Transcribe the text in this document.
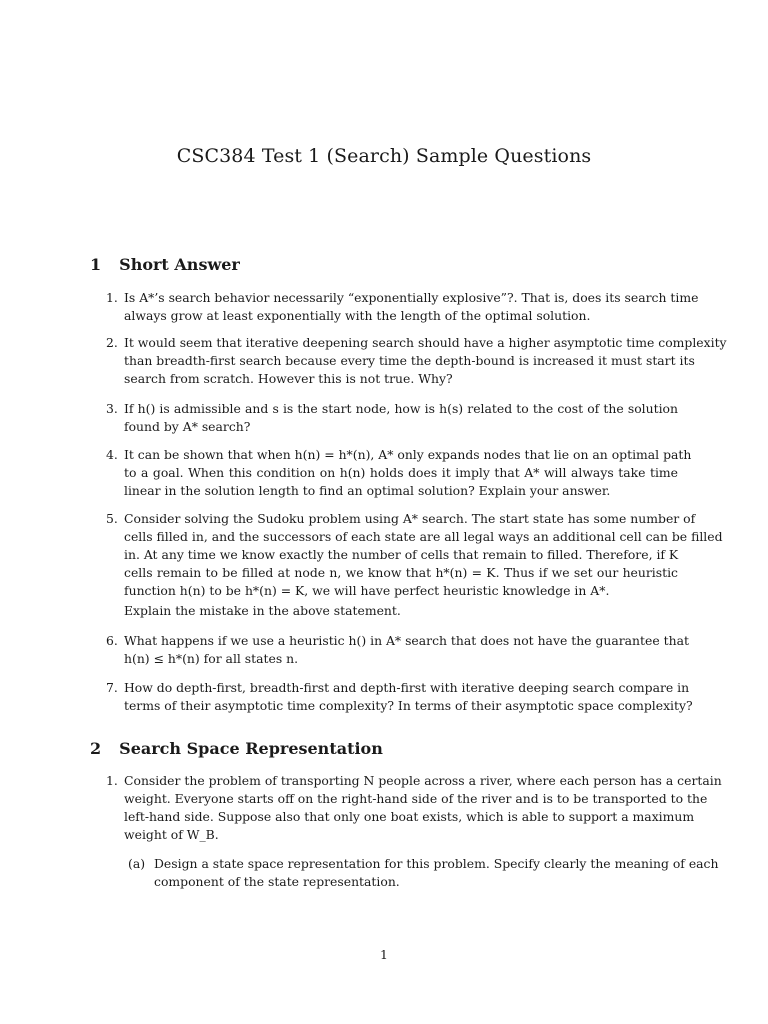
CSC384 Test 1 (Search) Sample Questions
1 Short Answer
1. Is A*’s search behavior necessarily “exponentially explosive”?. That is, does its search time
always grow at least exponentially with the length of the optimal solution.
2. It would seem that iterative deepening search should have a higher asymptotic time complexity
than breadth-first search because every time the depth-bound is increased it must start its
search from scratch. However this is not true. Why?
3. If h() is admissible and s is the start node, how is h(s) related to the cost of the solution
found by A* search?
4. It can be shown that when h(n) = h*(n), A* only expands nodes that lie on an optimal path
to a goal. When this condition on h(n) holds does it imply that A* will always take time
linear in the solution length to find an optimal solution? Explain your answer.
5. Consider solving the Sudoku problem using A* search. The start state has some number of
cells filled in, and the successors of each state are all legal ways an additional cell can be filled
in. At any time we know exactly the number of cells that remain to filled. Therefore, if K
cells remain to be filled at node n, we know that h*(n) = K. Thus if we set our heuristic
function h(n) to be h*(n) = K, we will have perfect heuristic knowledge in A*.
Explain the mistake in the above statement.
6. What happens if we use a heuristic h() in A* search that does not have the guarantee that
h(n) ≤ h*(n) for all states n.
7. How do depth-first, breadth-first and depth-first with iterative deeping search compare in
terms of their asymptotic time complexity? In terms of their asymptotic space complexity?
2 Search Space Representation
1. Consider the problem of transporting N people across a river, where each person has a certain
weight. Everyone starts off on the right-hand side of the river and is to be transported to the
left-hand side. Suppose also that only one boat exists, which is able to support a maximum
weight of W_B.
(a) Design a state space representation for this problem. Specify clearly the meaning of each
component of the state representation.
1
